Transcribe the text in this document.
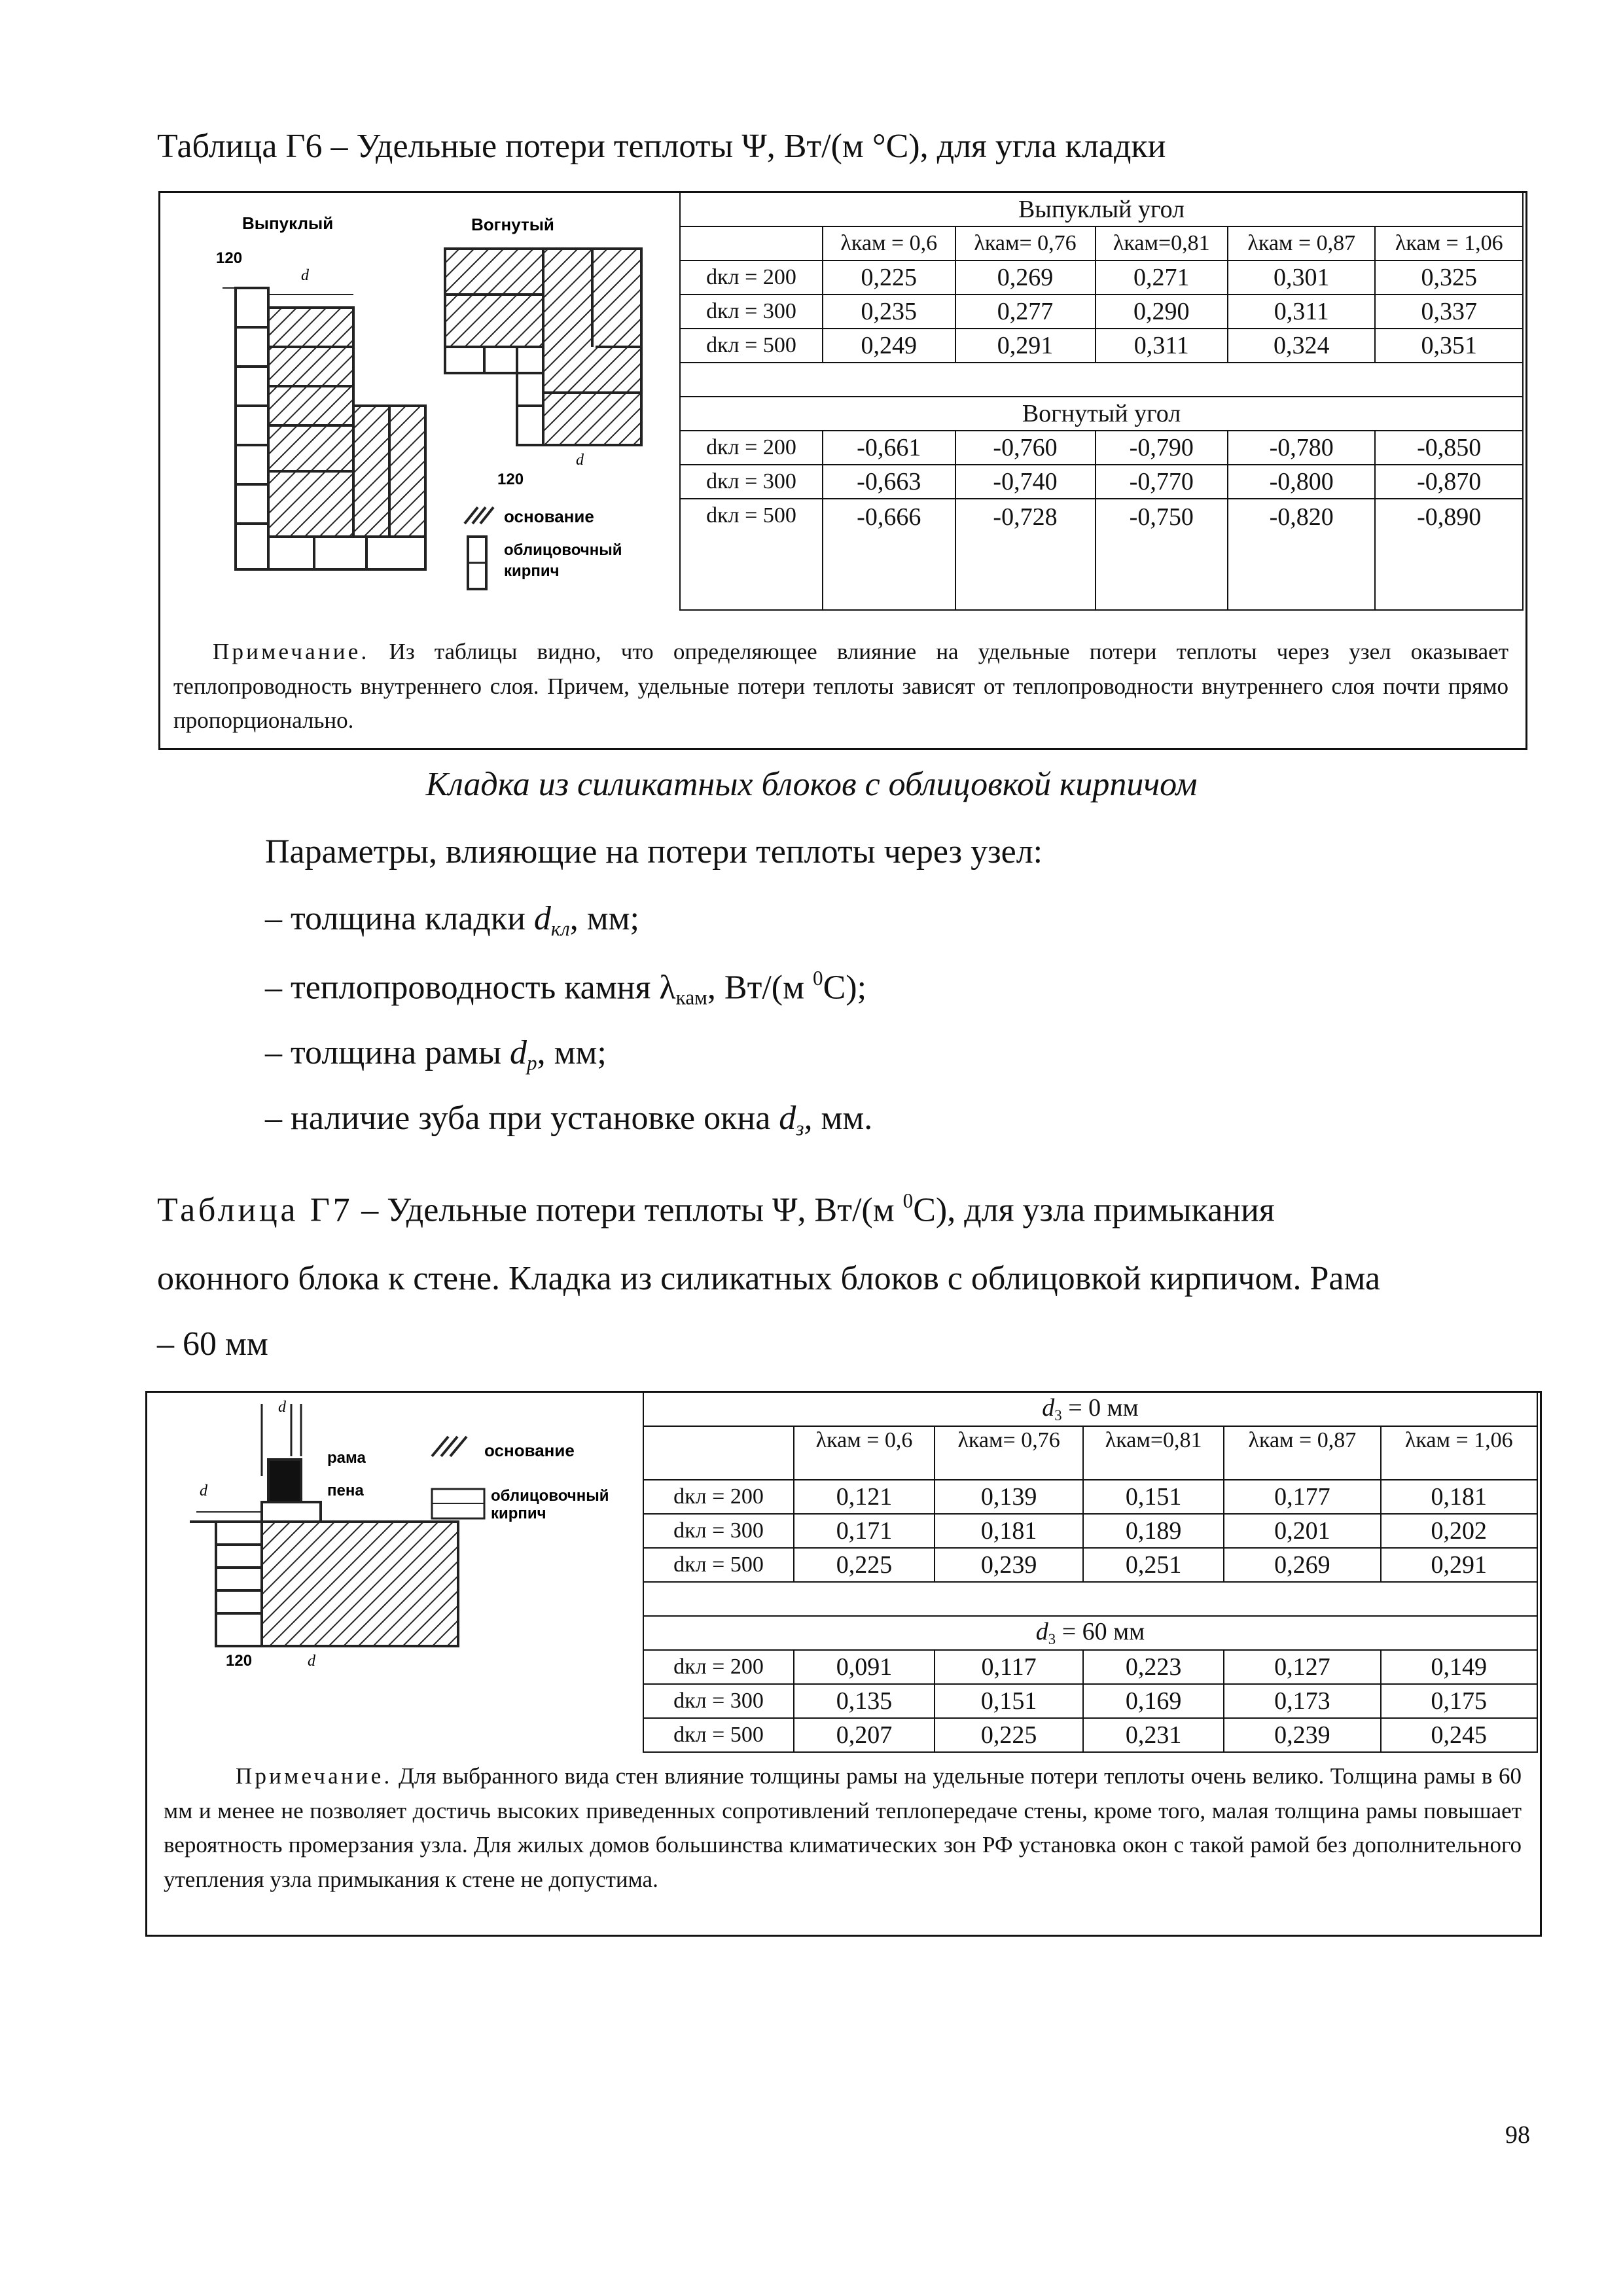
Таблица Г6 – Удельные потери теплоты Ψ, Вт/(м °С), для угла кладки
Выпуклый	Вогнутый
120
d
120
d
основание
облицовочный
кирпич
Выпуклый угол					
	λкам = 0,6	λкам= 0,76	λкам=0,81	λкам = 0,87	λкам = 1,06
dкл = 200	0,225	0,269	0,271	0,301	0,325
dкл = 300	0,235	0,277	0,290	0,311	0,337
dкл = 500	0,249	0,291	0,311	0,324	0,351

Вогнутый угол					
dкл = 200	-0,661	-0,760	-0,790	-0,780	-0,850
dкл = 300	-0,663	-0,740	-0,770	-0,800	-0,870
dкл = 500	-0,666	-0,728	-0,750	-0,820	-0,890
Примечание. Из таблицы видно, что определяющее влияние на удельные потери теплоты через узел оказывает теплопроводность внутреннего слоя. Причем, удельные потери теплоты зависят от теплопроводности внутреннего слоя почти прямо пропорционально.
Кладка из силикатных блоков с облицовкой кирпичом
Параметры, влияющие на потери теплоты через узел:
– толщина кладки $d_{кл}$, мм;
– теплопроводность камня $\lambda_{кам}$, Вт/(м $^0$С);
– толщина рамы $d_р$, мм;
– наличие зуба при установке окна $d_з$, мм.
Таблица Г7 – Удельные потери теплоты Ψ, Вт/(м $^0$С), для узла примыкания
оконного блока к стене. Кладка из силикатных блоков с облицовкой кирпичом. Рама
– 60 мм
d
d
рама
пена
120	d
основание
облицовочный
кирпич
$d_3 = 0$ мм					
	λкам = 0,6	λкам= 0,76	λкам=0,81	λкам = 0,87	λкам = 1,06
dкл = 200	0,121	0,139	0,151	0,177	0,181
dкл = 300	0,171	0,181	0,189	0,201	0,202
dкл = 500	0,225	0,239	0,251	0,269	0,291

$d_3 = 60$ мм					
dкл = 200	0,091	0,117	0,223	0,127	0,149
dкл = 300	0,135	0,151	0,169	0,173	0,175
dкл = 500	0,207	0,225	0,231	0,239	0,245
Примечание. Для выбранного вида стен влияние толщины рамы на удельные потери теплоты очень велико. Толщина рамы в 60 мм и менее не позволяет достичь высоких приведенных сопротивлений теплопередаче стены, кроме того, малая толщина рамы повышает вероятность промерзания узла. Для жилых домов большинства климатических зон РФ установка окон с такой рамой без дополнительного утепления узла примыкания к стене не допустима.
98
